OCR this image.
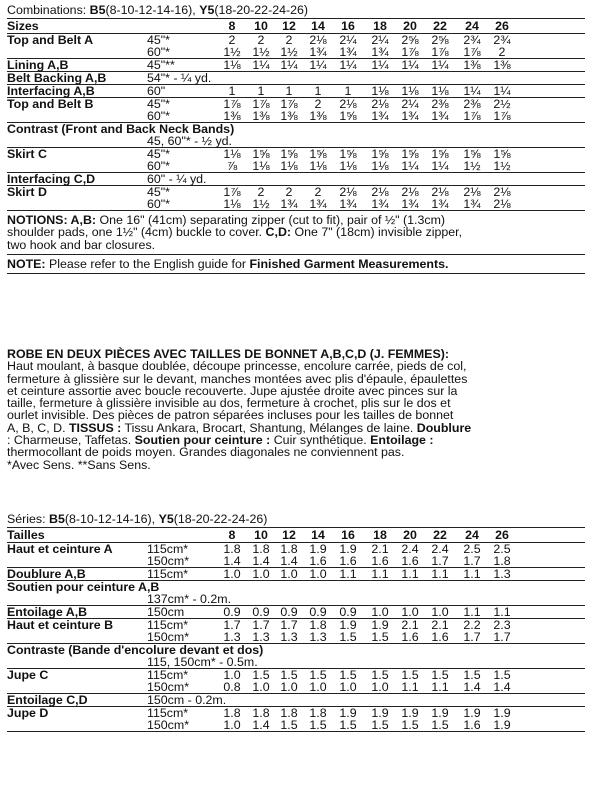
Combinations: B5(8-10-12-14-16), Y5(18-20-22-24-26)
Sizes	8	10	12	14	16	18	20	22	24	26
Top and Belt A	45"*	2	2	2	2⅛	2¼	2¼	2⅝	2⅝	2¾	2¾
60"*	1½ 1½ 1½ 1¾	1¾	1¾	1⅞	1⅞	1⅞	2
Lining A,B	45"**	1⅛ 1¼ 1¼ 1¼	1¼	1¼	1¼	1¼	1⅜	1⅜
Belt Backing A,B	54"* - ¼ yd.
Interfacing A,B	60"	1	1	1	1	1	1⅛	1⅛	1⅛	1¼	1¼
Top and Belt B	45"*	1⅞ 1⅞ 1⅞	2	2⅛	2⅛	2¼	2⅜	2⅜	2½
60"*	1⅜ 1⅜ 1⅜ 1⅜	1⅝	1¾	1¾	1¾	1⅞	1⅞
Contrast (Front and Back Neck Bands)
45, 60"* - ½ yd.
Skirt C	45"*	1⅛ 1⅝ 1⅝ 1⅝	1⅝	1⅝	1⅝	1⅝	1⅝	1⅝
60"*	⅞	1⅛ 1⅛ 1⅛	1⅛	1⅛	1¼	1¼	1½	1½
Interfacing C,D	60" - ¼ yd.
Skirt D	45"*	1⅞	2	2	2	2⅛	2⅛	2⅛	2⅛	2⅛	2⅛
60"*	1⅛ 1½ 1¾ 1¾	1¾	1¾	1¾	1¾	1¾	2⅛

NOTIONS: A,B: One 16" (41cm) separating zipper (cut to fit), pair of ½" (1.3cm)

shoulder pads, one 1½" (4cm) buckle to cover. C,D: One 7" (18cm) invisible zipper,

two hook and bar closures.

NOTE: Please refer to the English guide for Finished Garment Measurements.

ROBE EN DEUX PIÈCES AVEC TAILLES DE BONNET A,B,C,D (J. FEMMES):

Haut moulant, à basque doublée, découpe princesse, encolure carrée, pieds de col,

fermeture à glissière sur le devant, manches montées avec plis d'épaule, épaulettes

et ceinture assortie avec boucle recouverte. Jupe ajustée droite avec pinces sur la

taille, fermeture à glissière invisible au dos, fermeture à crochet, plis sur le dos et

ourlet invisible. Des pièces de patron séparées incluses pour les tailles de bonnet

A, B, C, D. TISSUS : Tissu Ankara, Brocart, Shantung, Mélanges de laine. Doublure

: Charmeuse, Taffetas. Soutien pour ceinture : Cuir synthétique. Entoilage :

thermocollant de poids moyen. Grandes diagonales ne conviennent pas.

*Avec Sens. **Sans Sens.

Séries: B5(8-10-12-14-16), Y5(18-20-22-24-26)
Tailles	8	10	12	14	16	18	20	22	24	26
Haut et ceinture A	115cm*	1.8 1.8 1.8 1.9	1.9	2.1	2.4	2.4	2.5	2.5
150cm*	1.4 1.4 1.4 1.6	1.6	1.6	1.6	1.7	1.7	1.8
Doublure A,B	115cm*	1.0 1.0 1.0 1.0	1.1	1.1	1.1	1.1	1.1	1.3
Soutien pour ceinture A,B
137cm* - 0.2m.
Entoilage A,B	150cm	0.9 0.9 0.9 0.9	0.9	1.0	1.0	1.0	1.1	1.1
Haut et ceinture B	115cm*	1.7 1.7 1.7 1.8	1.9	1.9	2.1	2.1	2.2	2.3
150cm*	1.3 1.3 1.3 1.3	1.5	1.5	1.6	1.6	1.7	1.7
Contraste (Bande d'encolure devant et dos)
115, 150cm* - 0.5m.
Jupe C	115cm*	1.0 1.5 1.5 1.5	1.5	1.5	1.5	1.5	1.5	1.5
150cm*	0.8 1.0 1.0 1.0	1.0	1.0	1.1	1.1	1.4	1.4
Entoilage C,D	150cm - 0.2m.
Jupe D	115cm*	1.8 1.8 1.8 1.8	1.9	1.9	1.9	1.9	1.9	1.9
150cm*	1.0 1.4 1.5 1.5	1.5	1.5	1.5	1.5	1.6	1.9
